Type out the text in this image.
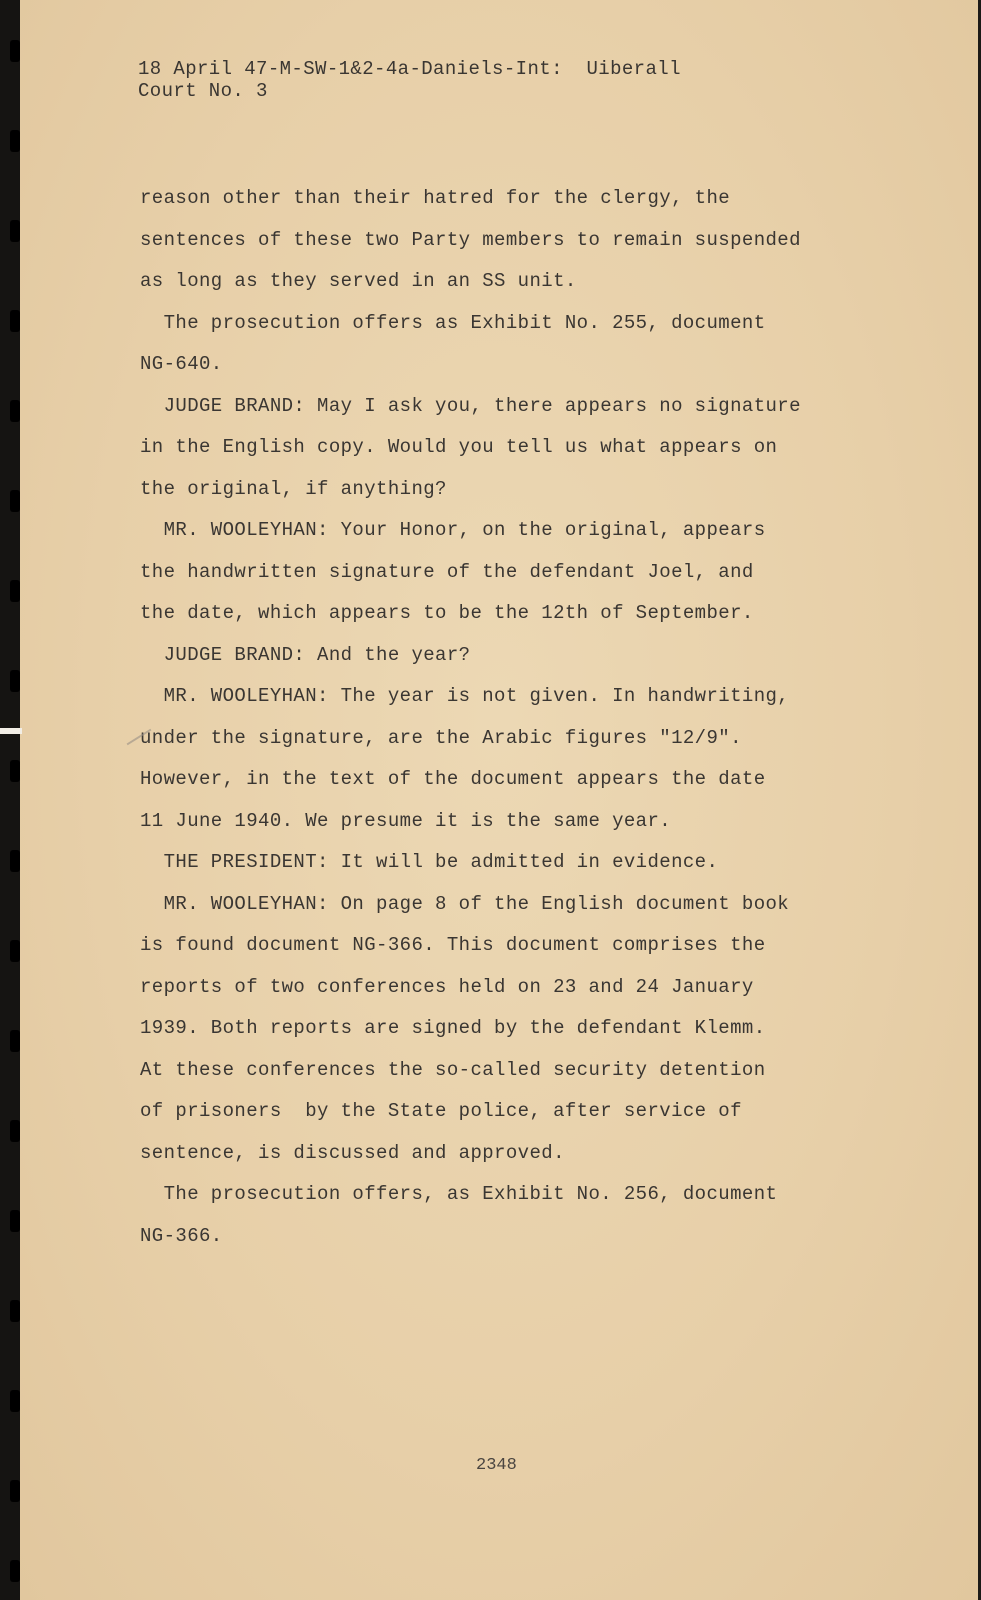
18 April 47-M-SW-1&2-4a-Daniels-Int:  Uiberall
Court No. 3
reason other than their hatred for the clergy, the
sentences of these two Party members to remain suspended
as long as they served in an SS unit.
The prosecution offers as Exhibit No. 255, document
NG-640.
JUDGE BRAND: May I ask you, there appears no signature
in the English copy. Would you tell us what appears on
the original, if anything?
MR. WOOLEYHAN: Your Honor, on the original, appears
the handwritten signature of the defendant Joel, and
the date, which appears to be the 12th of September.
JUDGE BRAND: And the year?
MR. WOOLEYHAN: The year is not given. In handwriting,
under the signature, are the Arabic figures "12/9".
However, in the text of the document appears the date
11 June 1940. We presume it is the same year.
THE PRESIDENT: It will be admitted in evidence.
MR. WOOLEYHAN: On page 8 of the English document book
is found document NG-366. This document comprises the
reports of two conferences held on 23 and 24 January
1939. Both reports are signed by the defendant Klemm.
At these conferences the so-called security detention
of prisoners  by the State police, after service of
sentence, is discussed and approved.
The prosecution offers, as Exhibit No. 256, document
NG-366.
2348
